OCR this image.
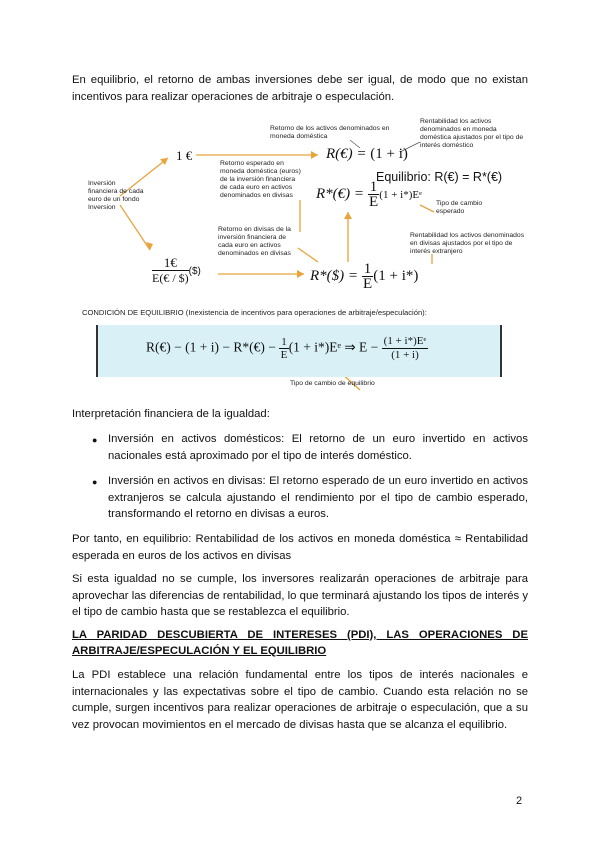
En equilibrio, el retorno de ambas inversiones debe ser igual, de modo que no existan incentivos para realizar operaciones de arbitraje o especulación.
1 €
Retorno de los activos denominados en moneda doméstica
Rentabilidad los activos denominados en moneda doméstica ajustados por el tipo de interés doméstico
R(€) = (1 + i)
Equilibrio: R(€) = R*(€)
Inversión financiera de cada euro de un fondo Inversion
Retorno esperado en moneda doméstica (euros) de la inversión financiera de cada euro en activos denominados en divisas	R*(€) = $\frac{1}{E} (1$ + i*)Eᵉ
Tipo de cambio esperado
Retorno en divisas de la inversión financiera de cada euro en activos denominados en divisas
Rentabilidad los activos denominados en divisas ajustados por el tipo de interés extranjero
$\frac{1€}{E(€ / \$)}$ ($)	R*($) = $\frac{1}{E} (1 + i*)$
CONDICIÓN DE EQUILIBRIO (Inexistencia de incentivos para operaciones de arbitraje/especulación):
R(€) − (1 + i) − R*(€) − $\frac{1}{E} (1$ + i*)Eᵉ ⇒ $E - \frac{\text{(1 + i*)Eᵉ}}{(1 + i)}$
Tipo de cambio de equilibrio
Interpretación financiera de la igualdad:
● Inversión en activos domésticos: El retorno de un euro invertido en activos nacionales está aproximado por el tipo de interés doméstico.
● Inversión en activos en divisas: El retorno esperado de un euro invertido en activos extranjeros se calcula ajustando el rendimiento por el tipo de cambio esperado, transformando el retorno en divisas a euros.
Por tanto, en equilibrio: Rentabilidad de los activos en moneda doméstica ≈ Rentabilidad esperada en euros de los activos en divisas
Si esta igualdad no se cumple, los inversores realizarán operaciones de arbitraje para aprovechar las diferencias de rentabilidad, lo que terminará ajustando los tipos de interés y el tipo de cambio hasta que se restablezca el equilibrio.
LA PARIDAD DESCUBIERTA DE INTERESES (PDI), LAS OPERACIONES DE ARBITRAJE/ESPECULACIÓN Y EL EQUILIBRIO
La PDI establece una relación fundamental entre los tipos de interés nacionales e internacionales y las expectativas sobre el tipo de cambio. Cuando esta relación no se cumple, surgen incentivos para realizar operaciones de arbitraje o especulación, que a su vez provocan movimientos en el mercado de divisas hasta que se alcanza el equilibrio.
2
